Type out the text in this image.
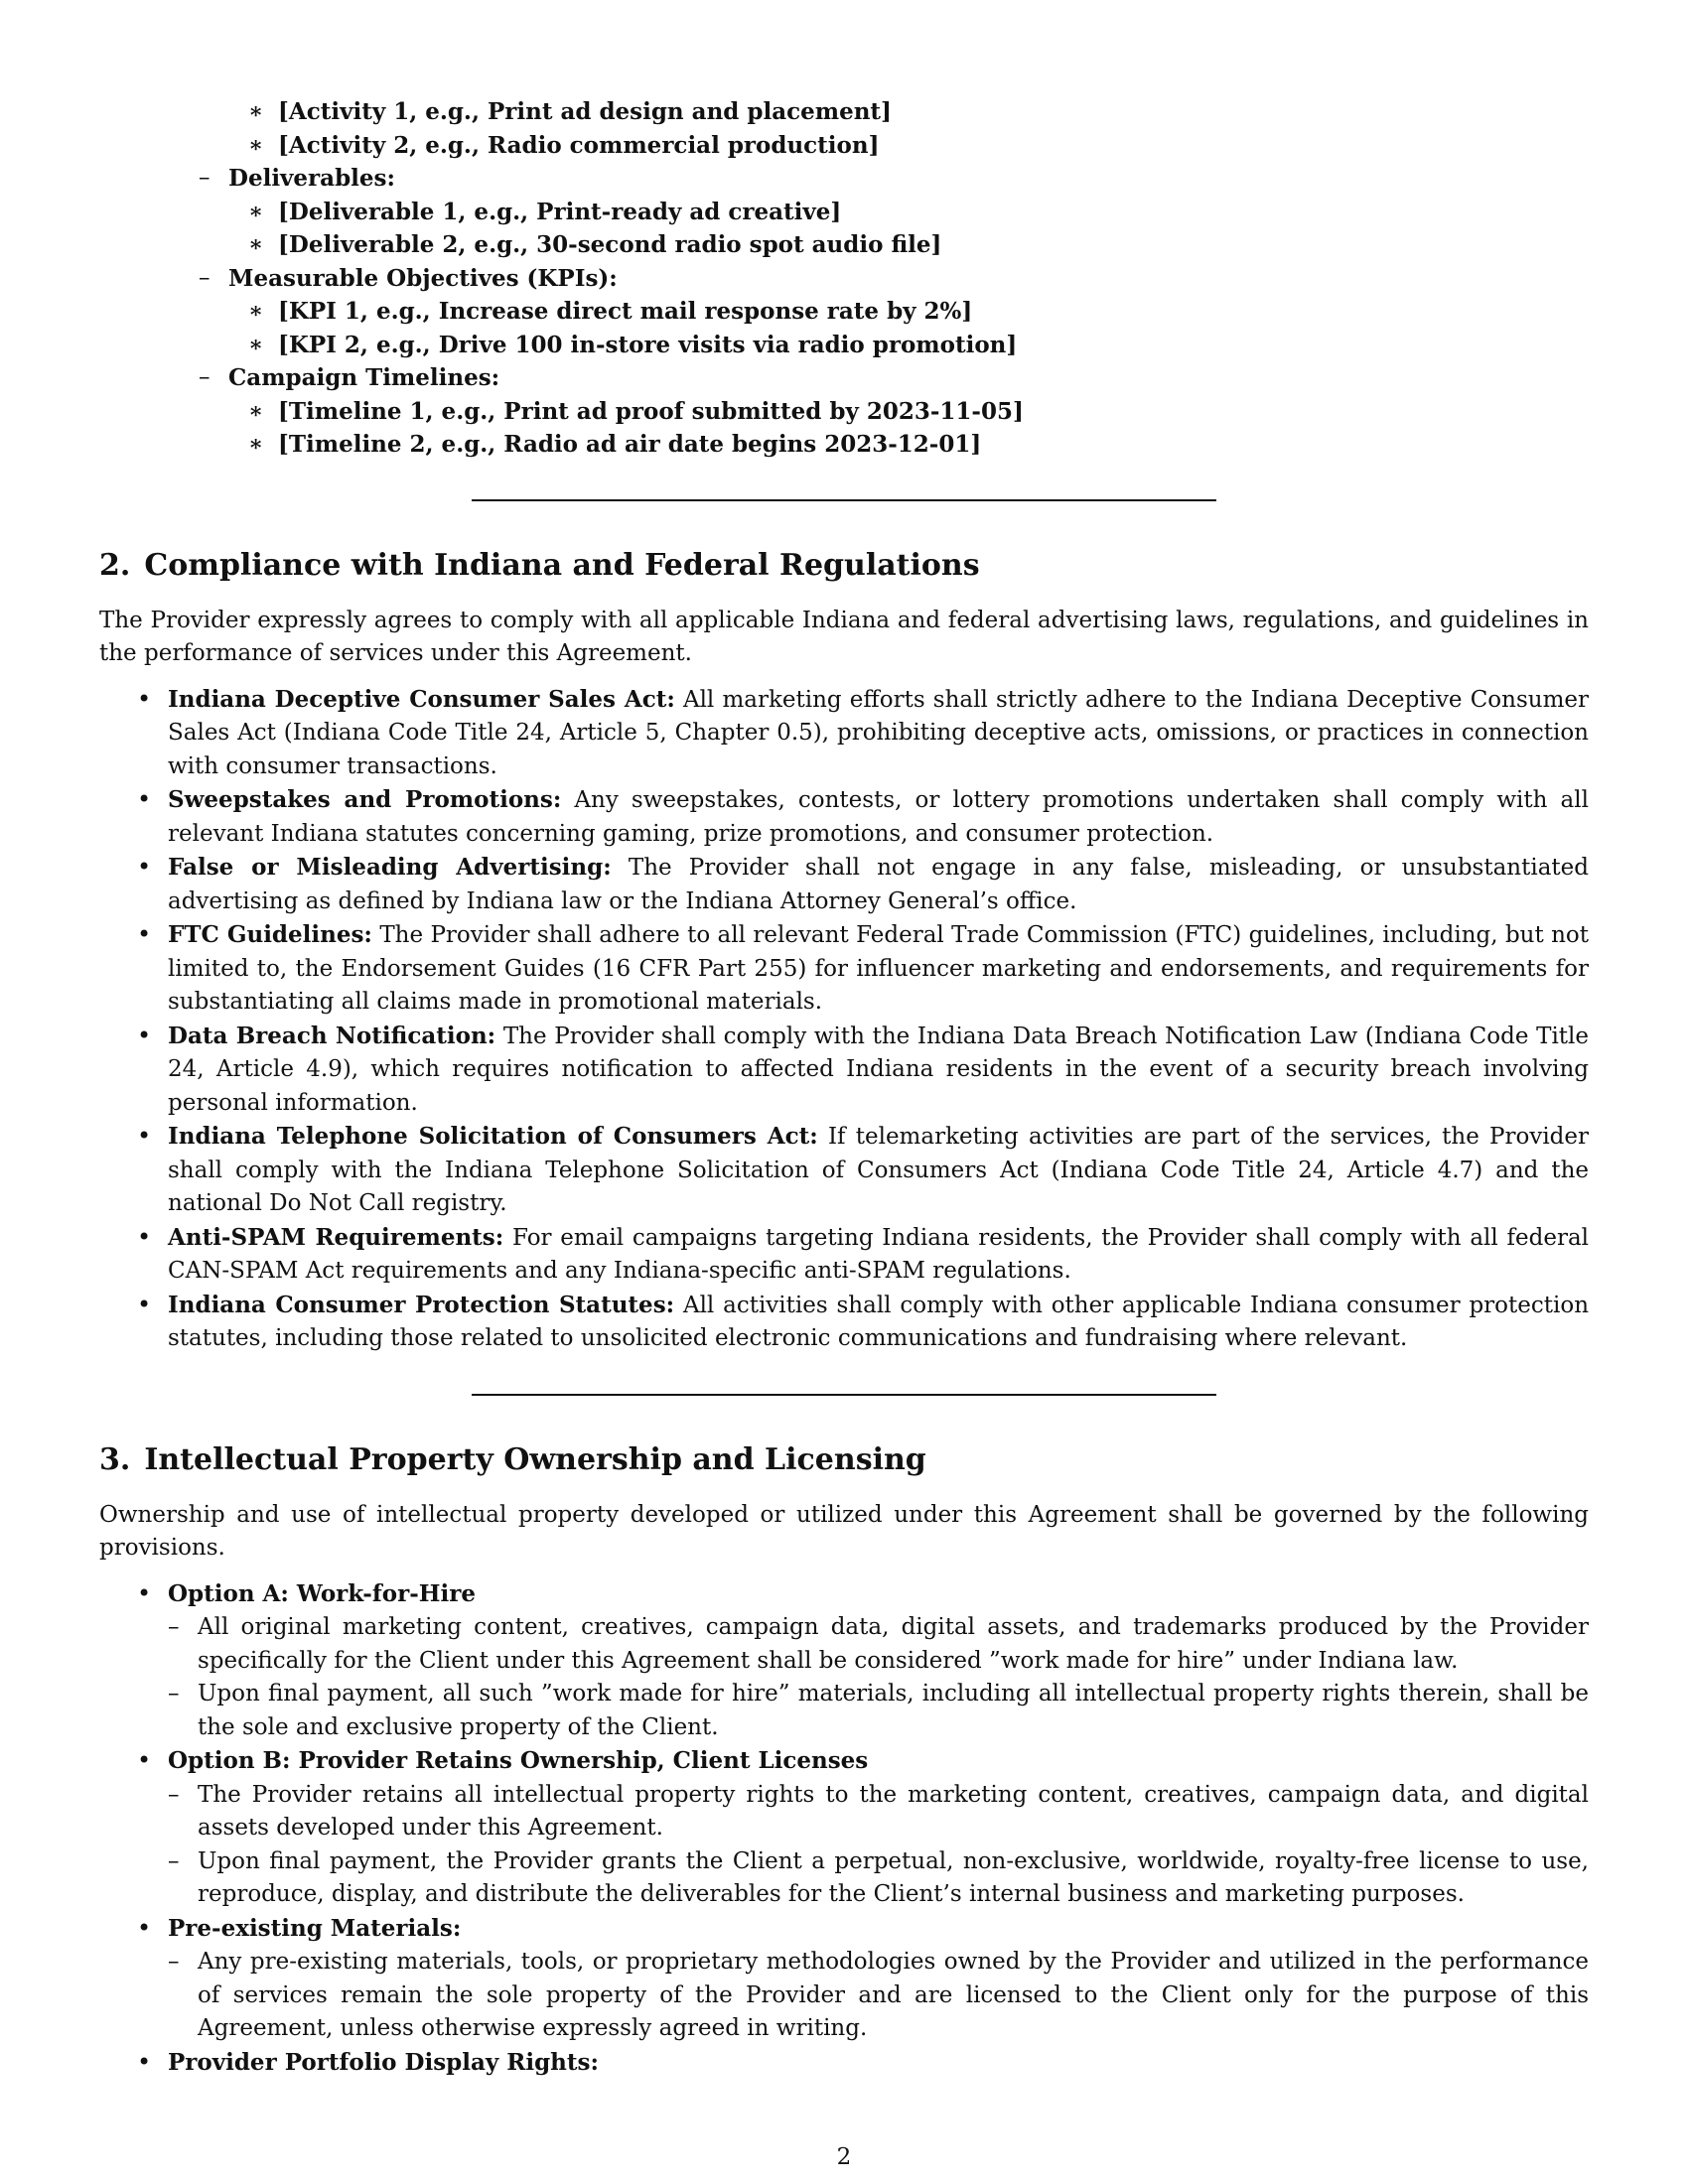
∗ [Activity 1, e.g., Print ad design and placement]
∗ [Activity 2, e.g., Radio commercial production]
– Deliverables:
∗ [Deliverable 1, e.g., Print-ready ad creative]
∗ [Deliverable 2, e.g., 30-second radio spot audio file]
– Measurable Objectives (KPIs):
∗ [KPI 1, e.g., Increase direct mail response rate by 2%]
∗ [KPI 2, e.g., Drive 100 in-store visits via radio promotion]
– Campaign Timelines:
∗ [Timeline 1, e.g., Print ad proof submitted by 2023-11-05]
∗ [Timeline 2, e.g., Radio ad air date begins 2023-12-01]
2. Compliance with Indiana and Federal Regulations

The Provider expressly agrees to comply with all applicable Indiana and federal advertising laws, regulations, and guidelines in the performance of services under this Agreement.

• Indiana Deceptive Consumer Sales Act: All marketing efforts shall strictly adhere to the Indiana Deceptive Consumer Sales Act (Indiana Code Title 24, Article 5, Chapter 0.5), prohibiting deceptive acts, omissions, or practices in connection with consumer transactions.
• Sweepstakes and Promotions: Any sweepstakes, contests, or lottery promotions undertaken shall comply with all relevant Indiana statutes concerning gaming, prize promotions, and consumer protection.
• False or Misleading Advertising: The Provider shall not engage in any false, misleading, or unsubstantiated advertising as defined by Indiana law or the Indiana Attorney General’s office.
• FTC Guidelines: The Provider shall adhere to all relevant Federal Trade Commission (FTC) guidelines, including, but not limited to, the Endorsement Guides (16 CFR Part 255) for influencer marketing and endorsements, and requirements for substantiating all claims made in promotional materials.
• Data Breach Notification: The Provider shall comply with the Indiana Data Breach Notification Law (Indiana Code Title 24, Article 4.9), which requires notification to affected Indiana residents in the event of a security breach involving personal information.
• Indiana Telephone Solicitation of Consumers Act: If telemarketing activities are part of the services, the Provider shall comply with the Indiana Telephone Solicitation of Consumers Act (Indiana Code Title 24, Article 4.7) and the national Do Not Call registry.
• Anti-SPAM Requirements: For email campaigns targeting Indiana residents, the Provider shall comply with all federal CAN-SPAM Act requirements and any Indiana-specific anti-SPAM regulations.
• Indiana Consumer Protection Statutes: All activities shall comply with other applicable Indiana consumer protection statutes, including those related to unsolicited electronic communications and fundraising where relevant.
3. Intellectual Property Ownership and Licensing

Ownership and use of intellectual property developed or utilized under this Agreement shall be governed by the following provisions.

• Option A: Work-for-Hire
– All original marketing content, creatives, campaign data, digital assets, and trademarks produced by the Provider specifically for the Client under this Agreement shall be considered ”work made for hire” under Indiana law.
– Upon final payment, all such ”work made for hire” materials, including all intellectual property rights therein, shall be the sole and exclusive property of the Client.
• Option B: Provider Retains Ownership, Client Licenses
– The Provider retains all intellectual property rights to the marketing content, creatives, campaign data, and digital assets developed under this Agreement.
– Upon final payment, the Provider grants the Client a perpetual, non-exclusive, worldwide, royalty-free license to use, reproduce, display, and distribute the deliverables for the Client’s internal business and marketing purposes.
• Pre-existing Materials:
– Any pre-existing materials, tools, or proprietary methodologies owned by the Provider and utilized in the performance of services remain the sole property of the Provider and are licensed to the Client only for the purpose of this Agreement, unless otherwise expressly agreed in writing.
• Provider Portfolio Display Rights:
2
